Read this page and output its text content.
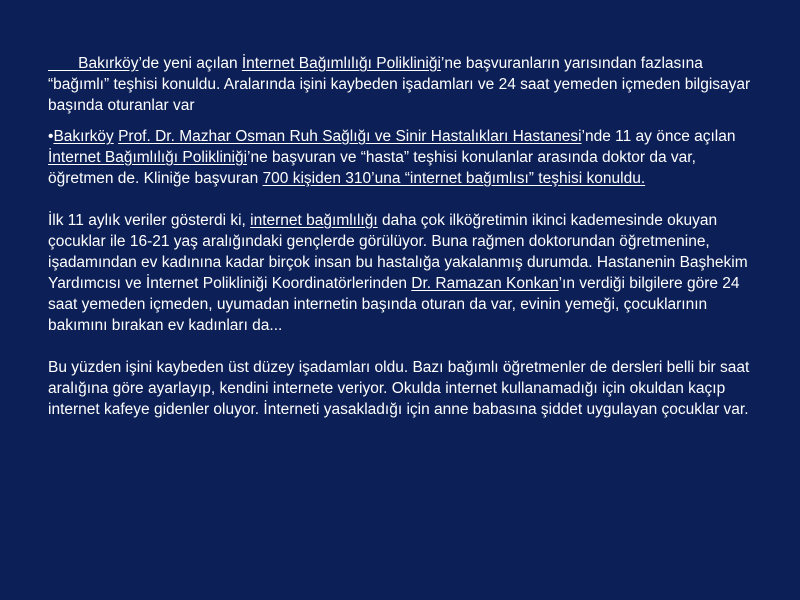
Bakırköy’de yeni açılan İnternet Bağımlılığı Polikliniği’ne başvuranların yarısından fazlasına “bağımlı” teşhisi konuldu. Aralarında işini kaybeden işadamları ve 24 saat yemeden içmeden bilgisayar başında oturanlar var
•Bakırköy Prof. Dr. Mazhar Osman Ruh Sağlığı ve Sinir Hastalıkları Hastanesi’nde 11 ay önce açılan İnternet Bağımlılığı Polikliniği’ne başvuran ve “hasta” teşhisi konulanlar arasında doktor da var, öğretmen de. Kliniğe başvuran 700 kişiden 310’una “internet bağımlısı” teşhisi konuldu.
İlk 11 aylık veriler gösterdi ki, internet bağımlılığı daha çok ilköğretimin ikinci kademesinde okuyan çocuklar ile 16-21 yaş aralığındaki gençlerde görülüyor. Buna rağmen doktorundan öğretmenine, işadamından ev kadınına kadar birçok insan bu hastalığa yakalanmış durumda. Hastanenin Başhekim Yardımcısı ve İnternet Polikliniği Koordinatörlerinden Dr. Ramazan Konkan’ın verdiği bilgilere göre 24 saat yemeden içmeden, uyumadan internetin başında oturan da var, evinin yemeği, çocuklarının bakımını bırakan ev kadınları da...
Bu yüzden işini kaybeden üst düzey işadamları oldu. Bazı bağımlı öğretmenler de dersleri belli bir saat aralığına göre ayarlayıp, kendini internete veriyor. Okulda internet kullanamadığı için okuldan kaçıp internet kafeye gidenler oluyor. İnterneti yasakladığı için anne babasına şiddet uygulayan çocuklar var.
